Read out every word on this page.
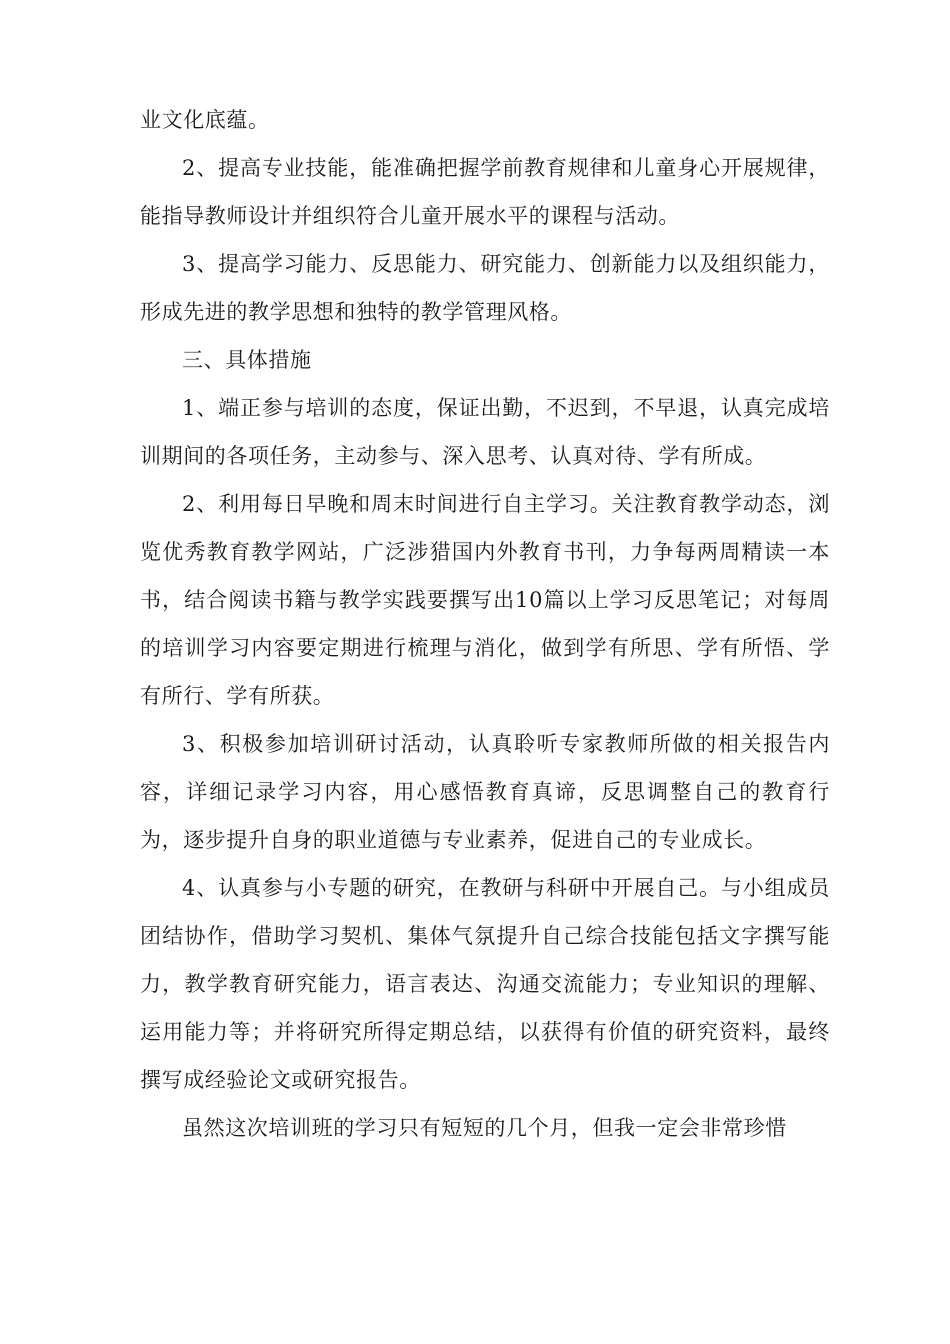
业文化底蕴。

2、提高专业技能，能准确把握学前教育规律和儿童身心开展规律，能指导教师设计并组织符合儿童开展水平的课程与活动。

3、提高学习能力、反思能力、研究能力、创新能力以及组织能力，形成先进的教学思想和独特的教学管理风格。

三、具体措施

1、端正参与培训的态度，保证出勤，不迟到，不早退，认真完成培训期间的各项任务，主动参与、深入思考、认真对待、学有所成。

2、利用每日早晚和周末时间进行自主学习。关注教育教学动态，浏览优秀教育教学网站，广泛涉猎国内外教育书刊，力争每两周精读一本书，结合阅读书籍与教学实践要撰写出10篇以上学习反思笔记；对每周的培训学习内容要定期进行梳理与消化，做到学有所思、学有所悟、学有所行、学有所获。

3、积极参加培训研讨活动，认真聆听专家教师所做的相关报告内容，详细记录学习内容，用心感悟教育真谛，反思调整自己的教育行为，逐步提升自身的职业道德与专业素养，促进自己的专业成长。

4、认真参与小专题的研究，在教研与科研中开展自己。与小组成员团结协作，借助学习契机、集体气氛提升自己综合技能包括文字撰写能力，教学教育研究能力，语言表达、沟通交流能力；专业知识的理解、运用能力等；并将研究所得定期总结，以获得有价值的研究资料，最终撰写成经验论文或研究报告。

虽然这次培训班的学习只有短短的几个月，但我一定会非常珍惜
